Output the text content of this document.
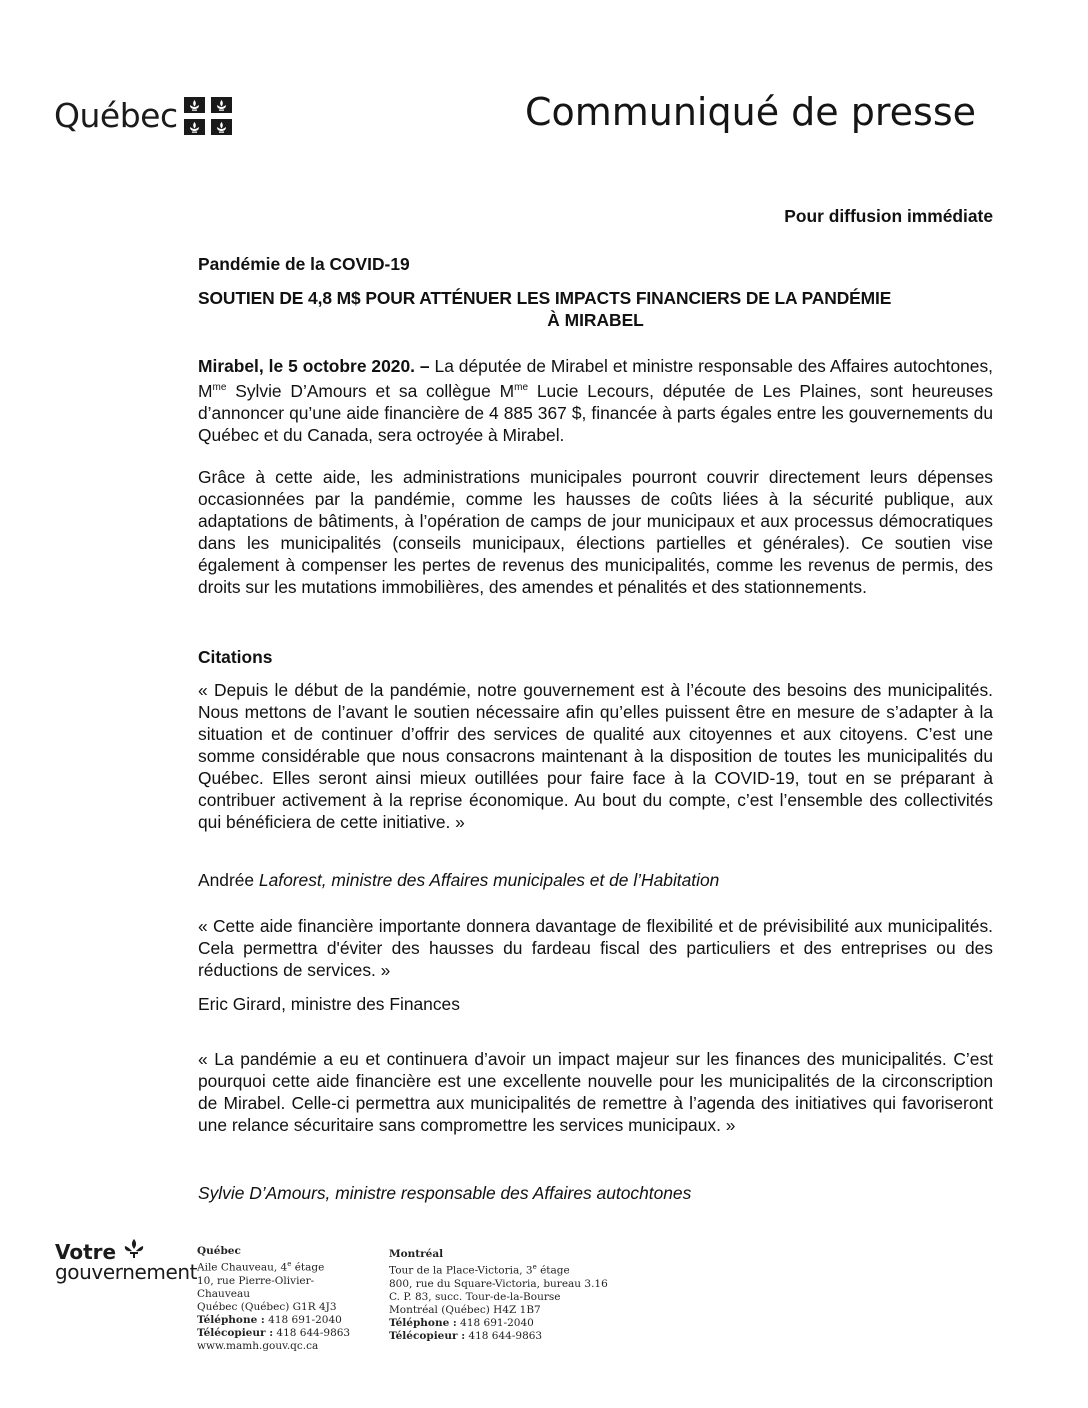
Québec	Communiqué de presse

Pour diffusion immédiate

Pandémie de la COVID-19

SOUTIEN DE 4,8 M$ POUR ATTÉNUER LES IMPACTS FINANCIERS DE LA PANDÉMIE

À MIRABEL

Mirabel, le 5 octobre 2020. – La députée de Mirabel et ministre responsable des Affaires autochtones, $M^{me}$ Sylvie D’Amours et sa collègue $M^{me}$ Lucie Lecours, députée de Les Plaines, sont heureuses d’annoncer qu’une aide financière de 4 885 367 $, financée à parts égales entre les gouvernements du Québec et du Canada, sera octroyée à Mirabel.

Grâce à cette aide, les administrations municipales pourront couvrir directement leurs dépenses occasionnées par la pandémie, comme les hausses de coûts liées à la sécurité publique, aux adaptations de bâtiments, à l’opération de camps de jour municipaux et aux processus démocratiques dans les municipalités (conseils municipaux, élections partielles et générales). Ce soutien vise également à compenser les pertes de revenus des municipalités, comme les revenus de permis, des droits sur les mutations immobilières, des amendes et pénalités et des stationnements.

Citations

« Depuis le début de la pandémie, notre gouvernement est à l’écoute des besoins des municipalités. Nous mettons de l’avant le soutien nécessaire afin qu’elles puissent être en mesure de s’adapter à la situation et de continuer d’offrir des services de qualité aux citoyennes et aux citoyens. C’est une somme considérable que nous consacrons maintenant à la disposition de toutes les municipalités du Québec. Elles seront ainsi mieux outillées pour faire face à la COVID-19, tout en se préparant à contribuer activement à la reprise économique. Au bout du compte, c’est l’ensemble des collectivités qui bénéficiera de cette initiative. »

Andrée Laforest, ministre des Affaires municipales et de l’Habitation

« Cette aide financière importante donnera davantage de flexibilité et de prévisibilité aux municipalités. Cela permettra d'éviter des hausses du fardeau fiscal des particuliers et des entreprises ou des réductions de services. »

Eric Girard, ministre des Finances

« La pandémie a eu et continuera d’avoir un impact majeur sur les finances des municipalités. C’est pourquoi cette aide financière est une excellente nouvelle pour les municipalités de la circonscription de Mirabel. Celle-ci permettra aux municipalités de remettre à l’agenda des initiatives qui favoriseront une relance sécuritaire sans compromettre les services municipaux. »

Sylvie D’Amours, ministre responsable des Affaires autochtones

Votre
gouvernement
Québec
Aile Chauveau, 4e étage
10, rue Pierre-Olivier-
Chauveau
Québec (Québec) G1R 4J3
Téléphone : 418 691-2040
Télécopieur : 418 644-9863
www.mamh.gouv.qc.ca
Montréal
Tour de la Place-Victoria, 3e étage
800, rue du Square-Victoria, bureau 3.16
C. P. 83, succ. Tour-de-la-Bourse
Montréal (Québec) H4Z 1B7
Téléphone : 418 691-2040
Télécopieur : 418 644-9863
